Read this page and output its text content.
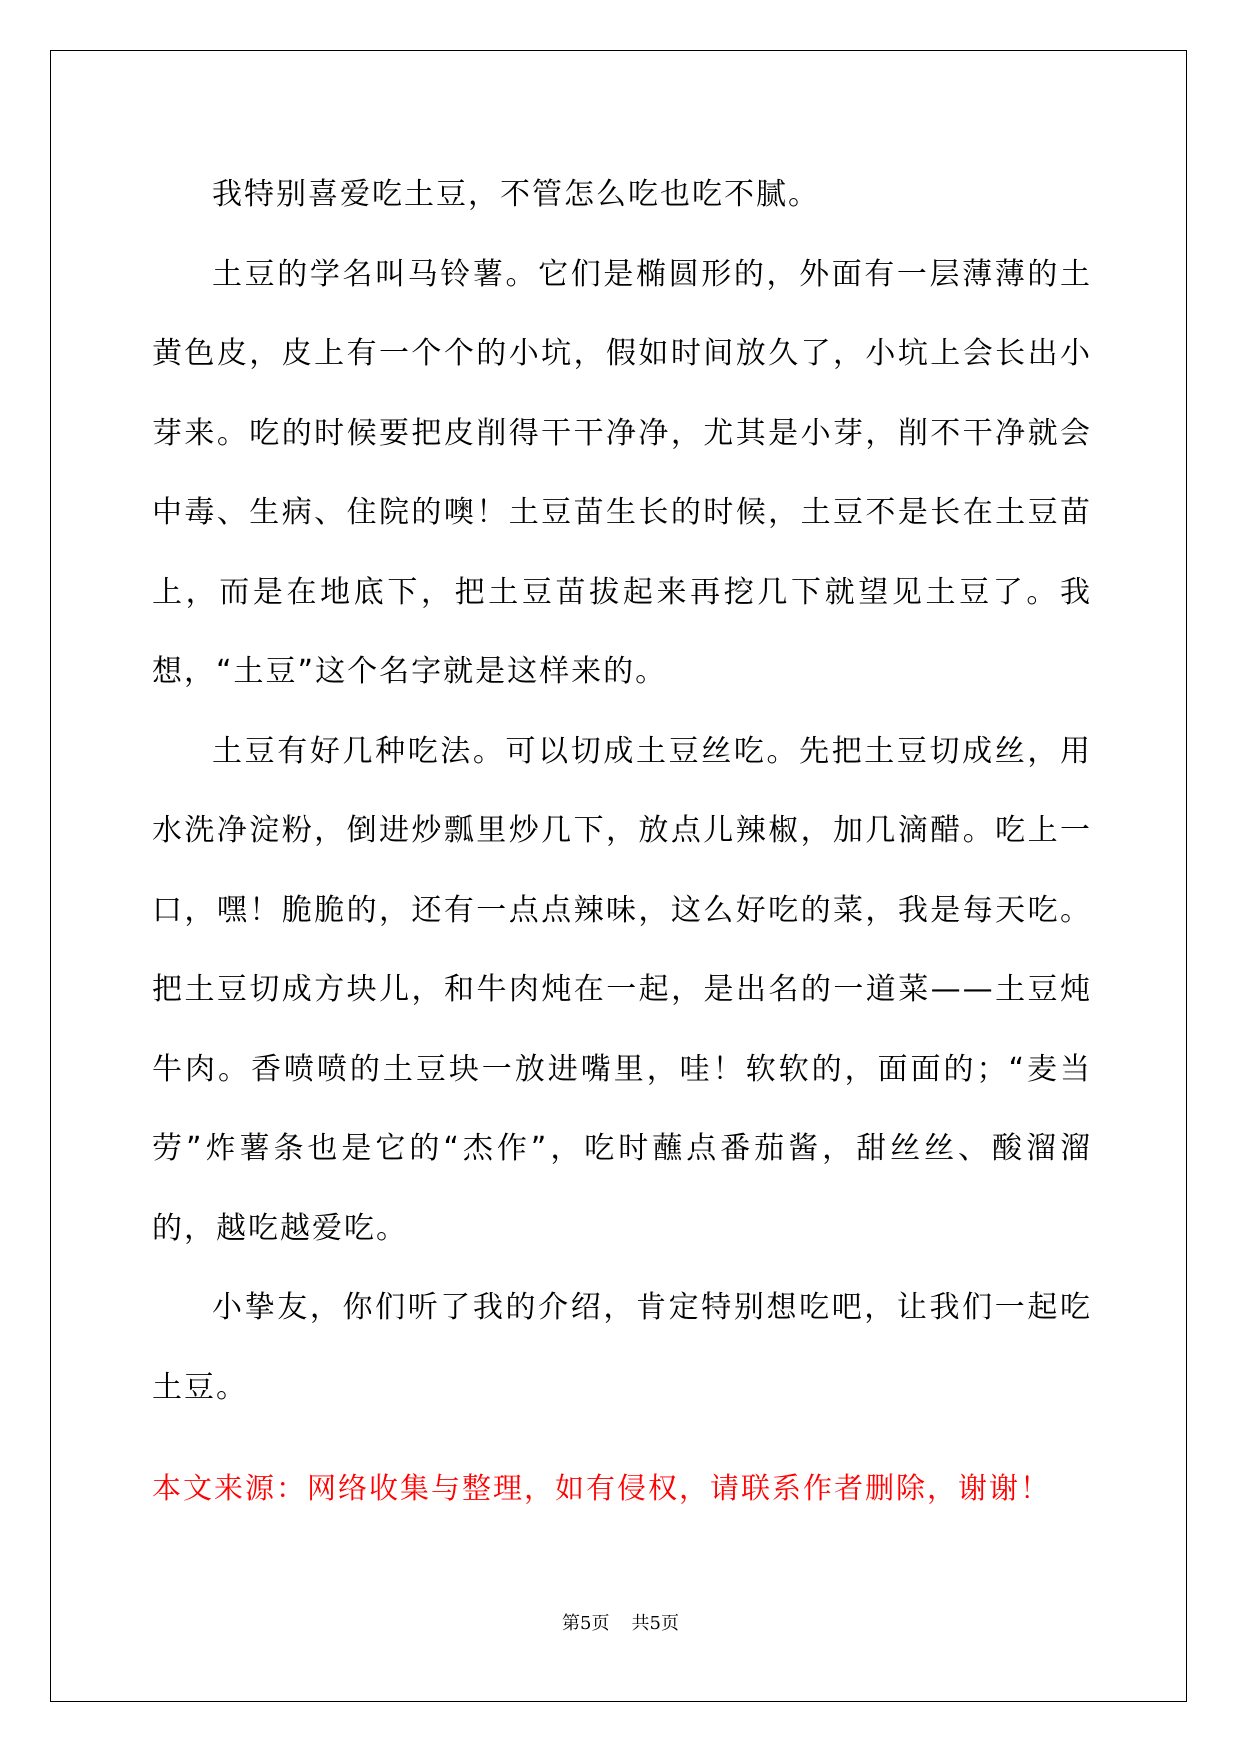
我特别喜爱吃土豆，不管怎么吃也吃不腻。

土豆的学名叫马铃薯。它们是椭圆形的，外面有一层薄薄的土黄色皮，皮上有一个个的小坑，假如时间放久了，小坑上会长出小芽来。吃的时候要把皮削得干干净净，尤其是小芽，削不干净就会中毒、生病、住院的噢！土豆苗生长的时候，土豆不是长在土豆苗上，而是在地底下，把土豆苗拔起来再挖几下就望见土豆了。我想，“土豆”这个名字就是这样来的。

土豆有好几种吃法。可以切成土豆丝吃。先把土豆切成丝，用水洗净淀粉，倒进炒瓢里炒几下，放点儿辣椒，加几滴醋。吃上一口，嘿！脆脆的，还有一点点辣味，这么好吃的菜，我是每天吃。把土豆切成方块儿，和牛肉炖在一起，是出名的一道菜——土豆炖牛肉。香喷喷的土豆块一放进嘴里，哇！软软的，面面的；“麦当劳”炸薯条也是它的“杰作”，吃时蘸点番茄酱，甜丝丝、酸溜溜的，越吃越爱吃。

小挚友，你们听了我的介绍，肯定特别想吃吧，让我们一起吃土豆。

本文来源：网络收集与整理，如有侵权，请联系作者删除，谢谢！

第5页 共5页
